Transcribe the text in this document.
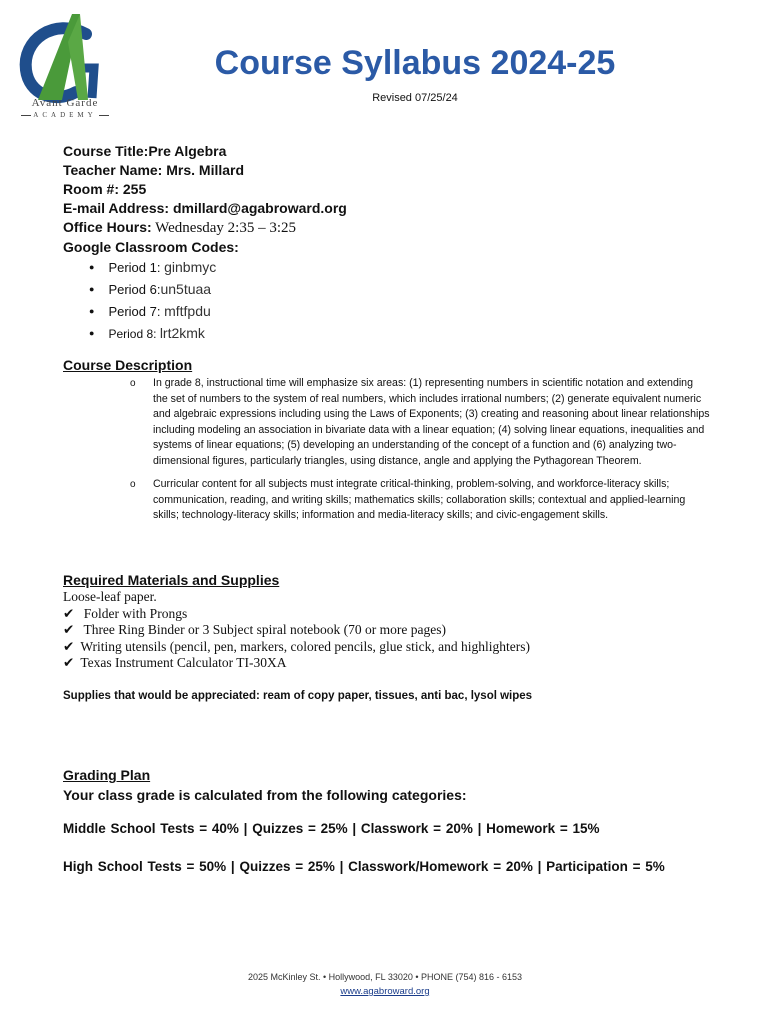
Avant Garde
ACADEMY
Course Syllabus 2024-25
Revised 07/25/24
Course Title:Pre Algebra
Teacher Name: Mrs. Millard
Room #: 255
E-mail Address: dmillard@agabroward.org
Office Hours: Wednesday 2:35 – 3:25
Google Classroom Codes:
● Period 1: ginbmyc
● Period 6:un5tuaa
● Period 7: mftfpdu
● Period 8: lrt2kmk
Course Description
o In grade 8, instructional time will emphasize six areas: (1) representing numbers in scientific notation and extending the set of numbers to the system of real numbers, which includes irrational numbers; (2) generate equivalent numeric and algebraic expressions including using the Laws of Exponents; (3) creating and reasoning about linear relationships including modeling an association in bivariate data with a linear equation; (4) solving linear equations, inequalities and systems of linear equations; (5) developing an understanding of the concept of a function and (6) analyzing two-dimensional figures, particularly triangles, using distance, angle and applying the Pythagorean Theorem.
o Curricular content for all subjects must integrate critical-thinking, problem-solving, and workforce-literacy skills; communication, reading, and writing skills; mathematics skills; collaboration skills; contextual and applied-learning skills; technology-literacy skills; information and media-literacy skills; and civic-engagement skills.
Required Materials and Supplies
Loose-leaf paper.
✔ Folder with Prongs
✔ Three Ring Binder or 3 Subject spiral notebook (70 or more pages)
✔ Writing utensils (pencil, pen, markers, colored pencils, glue stick, and highlighters)
✔ Texas Instrument Calculator TI-30XA
Supplies that would be appreciated: ream of copy paper, tissues, anti bac, lysol wipes
Grading Plan
Your class grade is calculated from the following categories:
Middle School Tests = 40% | Quizzes = 25% | Classwork = 20% | Homework = 15%
High School Tests = 50% | Quizzes = 25% | Classwork/Homework = 20% | Participation = 5%
2025 McKinley St. • Hollywood, FL 33020 • PHONE (754) 816 - 6153
www.agabroward.org
